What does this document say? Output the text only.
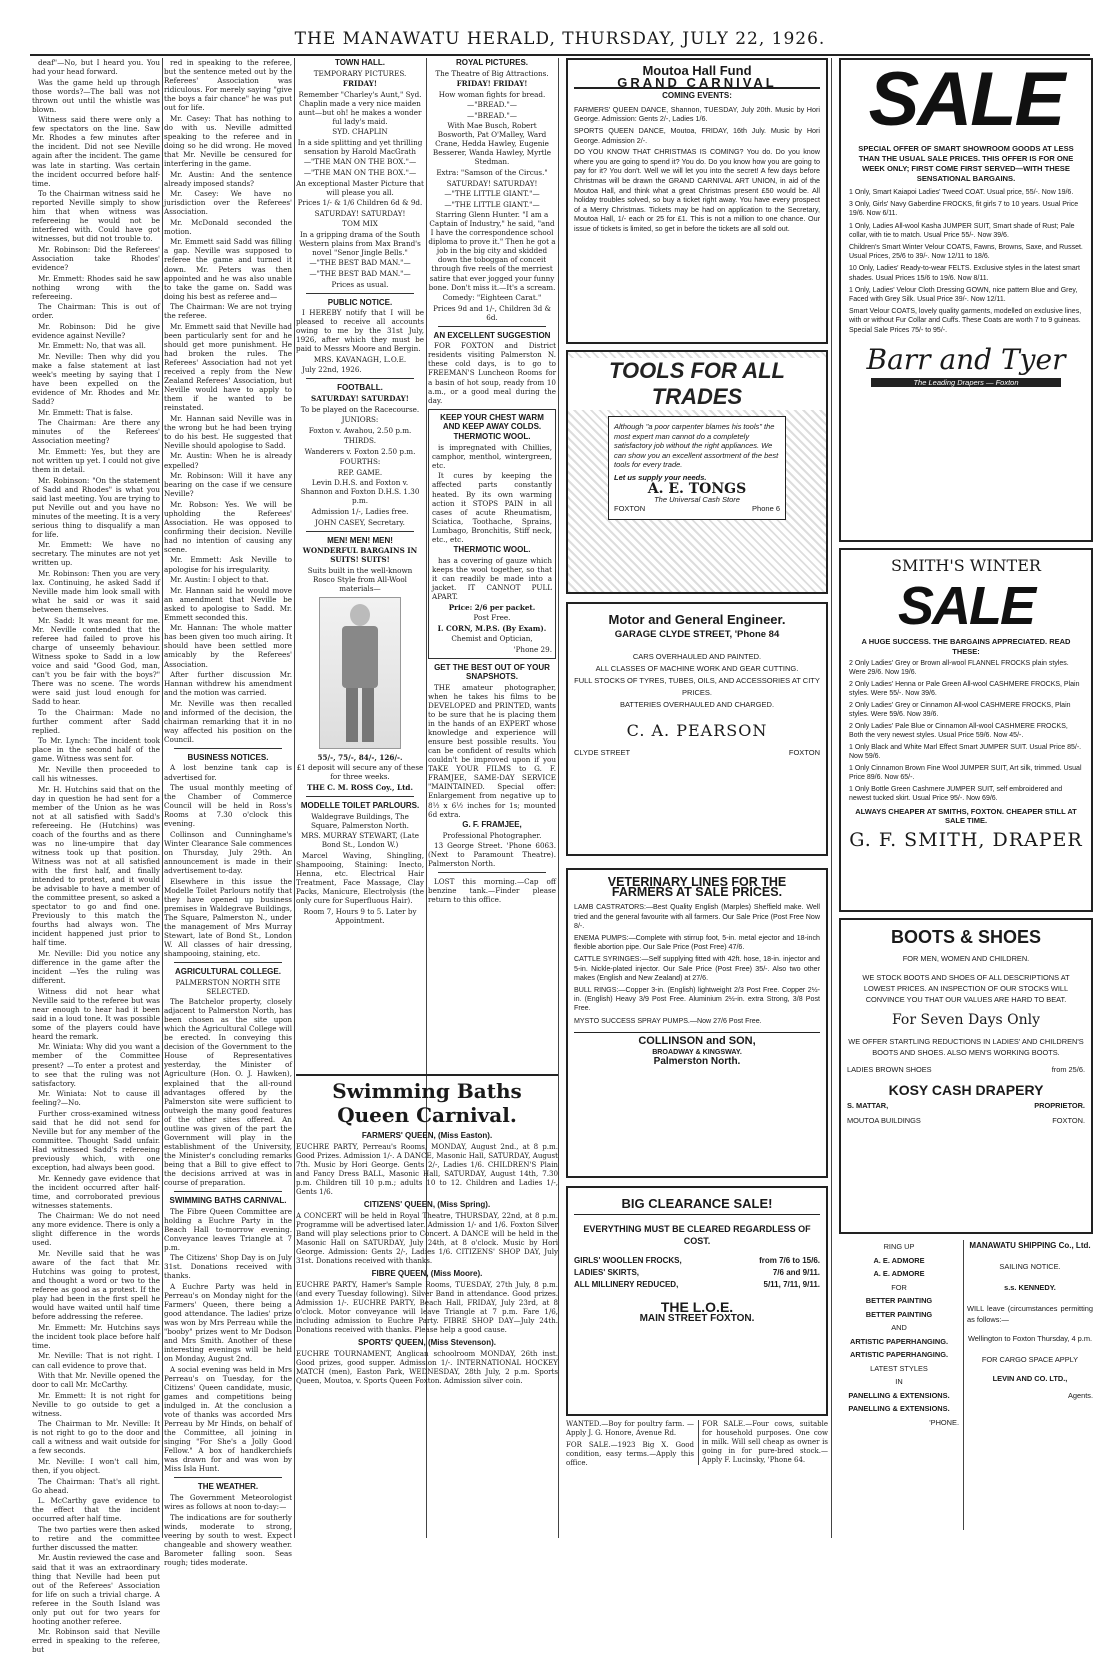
THE MANAWATU HERALD, THURSDAY, JULY 22, 1926.

deaf"—No, but I heard you. You had your head forward.

Was the game held up through those words?—The ball was not thrown out until the whistle was blown.

Witness said there were only a few spectators on the line. Saw Mr. Rhodes a few minutes after the incident. Did not see Neville again after the incident. The game was late in starting. Was certain the incident occurred before half-time.

To the Chairman witness said he reported Neville simply to show him that when witness was refereeing he would not be interfered with. Could have got witnesses, but did not trouble to.

Mr. Robinson: Did the Referees' Association take Rhodes' evidence?

Mr. Emmett: Rhodes said he saw nothing wrong with the refereeing.

The Chairman: This is out of order.

Mr. Robinson: Did he give evidence against Neville?

Mr. Emmett: No, that was all.

Mr. Neville: Then why did you make a false statement at last week's meeting by saying that I have been expelled on the evidence of Mr. Rhodes and Mr. Sadd?

Mr. Emmett: That is false.

The Chairman: Are there any minutes of the Referees' Association meeting?

Mr. Emmett: Yes, but they are not written up yet. I could not give them in detail.

Mr. Robinson: "On the statement of Sadd and Rhodes" is what you said last meeting. You are trying to put Neville out and you have no minutes of the meeting. It is a very serious thing to disqualify a man for life.

Mr. Emmett: We have no secretary. The minutes are not yet written up.

Mr. Robinson: Then you are very lax. Continuing, he asked Sadd if Neville made him look small with what he said or was it said between themselves.

Mr. Sadd: It was meant for me. Mr. Neville contended that the referee had failed to prove his charge of unseemly behaviour. Witness spoke to Sadd in a low voice and said "Good God, man, can't you be fair with the boys?" There was no scene. The words were said just loud enough for Sadd to hear.

To the Chairman: Made no further comment after Sadd replied.

To Mr. Lynch: The incident took place in the second half of the game. Witness was sent for.

Mr. Neville then proceeded to call his witnesses.

Mr. H. Hutchins said that on the day in question he had sent for a member of the Union as he was not at all satisfied with Sadd's refereeing. He (Hutchins) was coach of the fourths and as there was no line-umpire that day witness took up that position. Witness was not at all satisfied with the first half, and finally intended to protest, and it would be advisable to have a member of the committee present, so asked a spectator to go and find one. Previously to this match the fourths had always won. The incident happened just prior to half time.

Mr. Neville: Did you notice any difference in the game after the incident —Yes the ruling was different.

Witness did not hear what Neville said to the referee but was near enough to hear had it been said in a loud tone. It was possible some of the players could have heard the remark.

Mr. Winiata: Why did you want a member of the Committee present? —To enter a protest and to see that the ruling was not satisfactory.

Mr. Winiata: Not to cause ill feeling?—No.

Further cross-examined witness said that he did not send for Neville but for any member of the committee. Thought Sadd unfair. Had witnessed Sadd's refereeing previously which, with one exception, had always been good.

Mr. Kennedy gave evidence that the incident occurred after half-time, and corroborated previous witnesses statements.

The Chairman: We do not need any more evidence. There is only a slight difference in the words used.

Mr. Neville said that he was aware of the fact that Mr. Hutchins was going to protest, and thought a word or two to the referee as good as a protest. If the play had been in the first spell he would have waited until half time before addressing the referee.

Mr. Emmett: Mr. Hutchins says the incident took place before half time.

Mr. Neville: That is not right. I can call evidence to prove that.

With that Mr. Neville opened the door to call Mr. McCarthy.

Mr. Emmett: It is not right for Neville to go outside to get a witness.

The Chairman to Mr. Neville: It is not right to go to the door and call a witness and wait outside for a few seconds.

Mr. Neville: I won't call him, then, if you object.

The Chairman: That's all right. Go ahead.

L. McCarthy gave evidence to the effect that the incident occurred after half time.

The two parties were then asked to retire and the committee further discussed the matter.

Mr. Austin reviewed the case and said that it was an extraordinary thing that Neville had been put out of the Referees' Association for life on such a trivial charge. A referee in the South Island was only put out for two years for hooting another referee.

Mr. Robinson said that Neville erred in speaking to the referee, but

red in speaking to the referee, but the sentence meted out by the Referees' Association was ridiculous. For merely saying "give the boys a fair chance" he was put out for life.

Mr. Casey: That has nothing to do with us. Neville admitted speaking to the referee and in doing so he did wrong. He moved that Mr. Neville be censured for interfering in the game.

Mr. Austin: And the sentence already imposed stands?

Mr. Casey: We have no jurisdiction over the Referees' Association.

Mr. McDonald seconded the motion.

Mr. Emmett said Sadd was filling a gap. Neville was supposed to referee the game and turned it down. Mr. Peters was then appointed and he was also unable to take the game on. Sadd was doing his best as referee and—

The Chairman: We are not trying the referee.

Mr. Emmett said that Neville had been particularly sent for and he should get more punishment. He had broken the rules. The Referees' Association had not yet received a reply from the New Zealand Referees' Association, but Neville would have to apply to them if he wanted to be reinstated.

Mr. Hannan said Neville was in the wrong but he had been trying to do his best. He suggested that Neville should apologise to Sadd.

Mr. Austin: When he is already expelled?

Mr. Robinson: Will it have any bearing on the case if we censure Neville?

Mr. Robson: Yes. We will be upholding the Referees' Association. He was opposed to confirming their decision. Neville had no intention of causing any scene.

Mr. Emmett: Ask Neville to apologise for his irregularity.

Mr. Austin: I object to that.

Mr. Hannan said he would move an amendment that Neville be asked to apologise to Sadd. Mr. Emmett seconded this.

Mr. Hannan: The whole matter has been given too much airing. It should have been settled more amicably by the Referees' Association.

After further discussion Mr. Hannan withdrew his amendment and the motion was carried.

Mr. Neville was then recalled and informed of the decision, the chairman remarking that it in no way affected his position on the Council.

BUSINESS NOTICES.

A lost benzine tank cap is advertised for.

The usual monthly meeting of the Chamber of Commerce Council will be held in Ross's Rooms at 7.30 o'clock this evening.

Collinson and Cunninghame's Winter Clearance Sale commences on Thursday, July 29th. An announcement is made in their advertisement to-day.

Elsewhere in this issue the Modelle Toilet Parlours notify that they have opened up business premises in Waldegrave Buildings, The Square, Palmerston N., under the management of Mrs Murray Stewart, late of Bond St., London W. All classes of hair dressing, shampooing, staining, etc.

AGRICULTURAL COLLEGE.

PALMERSTON NORTH SITE SELECTED.

The Batchelor property, closely adjacent to Palmerston North, has been chosen as the site upon which the Agricultural College will be erected. In conveying this decision of the Government to the House of Representatives yesterday, the Minister of Agriculture (Hon. O. J. Hawken), explained that the all-round advantages offered by the Palmerston site were sufficient to outweigh the many good features of the other sites offered. An outline was given of the part the Government will play in the establishment of the University, the Minister's concluding remarks being that a Bill to give effect to the decisions arrived at was in course of preparation.

SWIMMING BATHS CARNIVAL.

The Fibre Queen Committee are holding a Euchre Party in the Beach Hall to-morrow evening. Conveyance leaves Triangle at 7 p.m.

The Citizens' Shop Day is on July 31st. Donations received with thanks.

A Euchre Party was held in Perreau's on Monday night for the Farmers' Queen, there being a good attendance. The ladies' prize was won by Mrs Perreau while the "booby" prizes went to Mr Dodson and Mrs Smith. Another of these interesting evenings will be held on Monday, August 2nd.

A social evening was held in Mrs Perreau's on Tuesday, for the Citizens' Queen candidate, music, games and competitions being indulged in. At the conclusion a vote of thanks was accorded Mrs Perreau by Mr Hinds, on behalf of the Committee, all joining in singing "For She's a Jolly Good Fellow." A box of handkerchiefs was drawn for and was won by Miss Isla Hunt.

THE WEATHER.

The Government Meteorologist wires as follows at noon to-day:—

The indications are for southerly winds, moderate to strong, veering by south to west. Expect changeable and showery weather. Barometer falling soon. Seas rough; tides moderate.

TOWN HALL.

TEMPORARY PICTURES.

FRIDAY!

Remember "Charley's Aunt," Syd. Chaplin made a very nice maiden aunt—but oh! he makes a wonder ful lady's maid.

SYD. CHAPLIN

In a side splitting and yet thrilling sensation by Harold MacGrath

—"THE MAN ON THE BOX."—

—"THE MAN ON THE BOX."—

An exceptional Master Picture that will please you all.

Prices 1/- & 1/6 Children 6d & 9d.

SATURDAY! SATURDAY!

TOM MIX

In a gripping drama of the South Western plains from Max Brand's novel "Senor Jingle Bells."

—"THE BEST BAD MAN."—

—"THE BEST BAD MAN."—

Prices as usual.

PUBLIC NOTICE.

I HEREBY notify that I will be pleased to receive all accounts owing to me by the 31st July, 1926, after which they must be paid to Messrs Moore and Bergin.

MRS. KAVANAGH, L.O.E.

July 22nd, 1926.

FOOTBALL.

SATURDAY! SATURDAY!

To be played on the Racecourse.

JUNIORS:

Foxton v. Awahou, 2.50 p.m.

THIRDS.

Wanderers v. Foxton 2.50 p.m.

FOURTHS:

REP. GAME.

Levin D.H.S. and Foxton v. Shannon and Foxton D.H.S. 1.30 p.m.

Admission 1/-, Ladies free.

JOHN CASEY, Secretary.

MEN! MEN! MEN!

WONDERFUL BARGAINS IN SUITS! SUITS!

Suits built in the well-known Rosco Style from All-Wool materials—

55/-, 75/-, 84/-, 126/-.

£1 deposit will secure any of these for three weeks.

THE C. M. ROSS Coy., Ltd.

MODELLE TOILET PARLOURS.

Waldegrave Buildings, The Square, Palmerston North.

MRS. MURRAY STEWART, (Late Bond St., London W.)

Marcel Waving, Shingling, Shampooing, Staining: Inecto, Henna, etc. Electrical Hair Treatment, Face Massage, Clay Packs, Manicure, Electrolysis (the only cure for Superfluous Hair).

Room 7, Hours 9 to 5. Later by Appointment.

ROYAL PICTURES.

The Theatre of Big Attractions.

FRIDAY! FRIDAY!

How woman fights for bread.

—"BREAD."—

—"BREAD."—

With Mae Busch, Robert Bosworth, Pat O'Malley, Ward Crane, Hedda Hawley, Eugenie Besserer, Wanda Hawley, Myrtle Stedman.

Extra: "Samson of the Circus."

SATURDAY! SATURDAY!

—"THE LITTLE GIANT."—

—"THE LITTLE GIANT."—

Starring Glenn Hunter. "I am a Captain of Industry," he said, "and I have the correspondence school diploma to prove it." Then he got a job in the big city and skidded down the toboggan of conceit through five reels of the merriest satire that ever jogged your funny bone. Don't miss it.—It's a scream.

Comedy: "Eighteen Carat."

Prices 9d and 1/-, Children 3d & 6d.

AN EXCELLENT SUGGESTION

FOR FOXTON and District residents visiting Palmerston N. these cold days, is to go to FREEMAN'S Luncheon Rooms for a basin of hot soup, ready from 10 a.m., or a good meal during the day.

KEEP YOUR CHEST WARM AND KEEP AWAY COLDS.

THERMOTIC WOOL.

is impregnated with Chillies, camphor, menthol, wintergreen, etc.

It cures by keeping the affected parts constantly heated. By its own warming action it STOPS PAIN in all cases of acute Rheumatism, Sciatica, Toothache, Sprains, Lumbago, Bronchitis, Stiff neck, etc., etc.

THERMOTIC WOOL.

has a covering of gauze which keeps the wool together, so that it can readily be made into a jacket. IT CANNOT PULL APART.

Price: 2/6 per packet.

Post Free.

I. CORN, M.P.S. (By Exam).

Chemist and Optician,

'Phone 29.

GET THE BEST OUT OF YOUR SNAPSHOTS.

THE amateur photographer, when he takes his films to be DEVELOPED and PRINTED, wants to be sure that he is placing them in the hands of an EXPERT whose knowledge and experience will ensure best possible results. You can be confident of results which couldn't be improved upon if you TAKE YOUR FILMS to G. F. FRAMJEE, SAME-DAY SERVICE "MAINTAINED. Special offer: Enlargement from negative up to 8½ x 6½ inches for 1s; mounted 6d extra.

G. F. FRAMJEE,

Professional Photographer.

13 George Street. 'Phone 6063. (Next to Paramount Theatre). Palmerston North.

LOST this morning.—Cap off benzine tank.—Finder please return to this office.

Swimming Baths Queen Carnival.

FARMERS' QUEEN, (Miss Easton).

EUCHRE PARTY, Perreau's Rooms, MONDAY, August 2nd., at 8 p.m. Good Prizes. Admission 1/-. A DANCE, Masonic Hall, SATURDAY, August 7th. Music by Hori George. Gents 2/-, Ladies 1/6. CHILDREN'S Plain and Fancy Dress BALL, Masonic Hall, SATURDAY, August 14th, 7.30 p.m. Children till 10 p.m.; adults 10 to 12. Children and Ladies 1/-, Gents 1/6.

CITIZENS' QUEEN, (Miss Spring).

A CONCERT will be held in Royal Theatre, THURSDAY, 22nd, at 8 p.m. Programme will be advertised later. Admission 1/- and 1/6. Foxton Silver Band will play selections prior to Concert. A DANCE will be held in the Masonic Hall on SATURDAY, July 24th, at 8 o'clock. Music by Hori George. Admission: Gents 2/-, Ladies 1/6. CITIZENS' SHOP DAY, July 31st. Donations received with thanks.

FIBRE QUEEN, (Miss Moore).

EUCHRE PARTY, Hamer's Sample Rooms, TUESDAY, 27th July, 8 p.m. (and every Tuesday following). Silver Band in attendance. Good prizes. Admission 1/-. EUCHRE PARTY, Beach Hall, FRIDAY, July 23rd, at 8 o'clock. Motor conveyance will leave Triangle at 7 p.m. Fare 1/6, including admission to Euchre Party. FIBRE SHOP DAY—July 24th. Donations received with thanks. Please help a good cause.

SPORTS' QUEEN, (Miss Stevenson).

EUCHRE TOURNAMENT, Anglican schoolroom MONDAY, 26th inst. Good prizes, good supper. Admission 1/-. INTERNATIONAL HOCKEY MATCH (men), Easton Park, WEDNESDAY, 28th July, 2 p.m. Sports Queen, Moutoa, v. Sports Queen Foxton. Admission silver coin.

Moutoa Hall Fund
GRAND CARNIVAL
COMING EVENTS:

FARMERS' QUEEN DANCE, Shannon, TUESDAY, July 20th. Music by Hori George. Admission: Gents 2/-, Ladies 1/6.

SPORTS QUEEN DANCE, Moutoa, FRIDAY, 16th July. Music by Hori George. Admission 2/-.

DO YOU KNOW THAT CHRISTMAS IS COMING? You do. Do you know where you are going to spend it? You do. Do you know how you are going to pay for it? You don't. Well we will let you into the secret! A few days before Christmas will be drawn the GRAND CARNIVAL ART UNION, in aid of the Moutoa Hall, and think what a great Christmas present £50 would be. All holiday troubles solved, so buy a ticket right away. You have every prospect of a Merry Christmas. Tickets may be had on application to the Secretary, Moutoa Hall, 1/- each or 25 for £1. This is not a million to one chance. Our issue of tickets is limited, so get in before the tickets are all sold out.

TOOLS FOR ALL TRADES
Although "a poor carpenter blames his tools" the most expert man cannot do a completely satisfactory job without the right appliances. We can show you an excellent assortment of the best tools for every trade.
Let us supply your needs.
A. E. TONGS
The Universal Cash Store
FOXTON	Phone 6
Motor and General Engineer.
GARAGE CLYDE STREET, 'Phone 84
CARS OVERHAULED AND PAINTED.
ALL CLASSES OF MACHINE WORK AND GEAR CUTTING.
FULL STOCKS OF TYRES, TUBES, OILS, AND ACCESSORIES AT CITY PRICES.
BATTERIES OVERHAULED AND CHARGED.
C. A. PEARSON
CLYDE STREET	FOXTON
VETERINARY LINES FOR THE
FARMERS AT SALE PRICES.

LAMB CASTRATORS:—Best Quality English (Marples) Sheffield make. Well tried and the general favourite with all farmers. Our Sale Price (Post Free Now 8/-.

ENEMA PUMPS:—Complete with stirrup foot, 5-in. metal ejector and 18-inch flexible abortion pipe. Our Sale Price (Post Free) 47/6.

CATTLE SYRINGES:—Self supplying fitted with 42ft. hose, 18-in. injector and 5-in. Nickle-plated injector. Our Sale Price (Post Free) 35/-. Also two other makes (English and New Zealand) at 27/6.

BULL RINGS:—Copper 3-in. (English) lightweight 2/3 Post Free. Copper 2½-in. (English) Heavy 3/9 Post Free. Aluminium 2½-in. extra Strong, 3/8 Post Free.

MYSTO SUCCESS SPRAY PUMPS.—Now 27/6 Post Free.

COLLINSON and SON,
BROADWAY & KINGSWAY.
Palmerston North.
BIG CLEARANCE SALE!
EVERYTHING MUST BE CLEARED REGARDLESS OF COST.
GIRLS' WOOLLEN FROCKS,	from 7/6 to 15/6.
LADIES' SKIRTS,	7/6 and 9/11.
ALL MILLINERY REDUCED,	5/11, 7/11, 9/11.
THE L.O.E.
MAIN STREET FOXTON.

WANTED.—Boy for poultry farm. —Apply J. G. Honore, Avenue Rd.

FOR SALE.—1923 Big X. Good condition, easy terms.—Apply this office.

FOR SALE.—Four cows, suitable for household purposes. One cow in milk. Will sell cheap as owner is going in for pure-bred stock.—Apply F. Lucinsky, 'Phone 64.

SALE
SPECIAL OFFER OF SMART SHOWROOM GOODS AT LESS THAN THE USUAL SALE PRICES. THIS OFFER IS FOR ONE WEEK ONLY; FIRST COME FIRST SERVED—WITH THESE SENSATIONAL BARGAINS.

1 Only, Smart Kaiapoi Ladies' Tweed COAT. Usual price, 55/-. Now 19/6.

3 Only, Girls' Navy Gaberdine FROCKS, fit girls 7 to 10 years. Usual Price 19/6. Now 6/11.

1 Only, Ladies All-wool Kasha JUMPER SUIT, Smart shade of Rust; Pale collar, with tie to match. Usual Price 55/-. Now 39/6.

Children's Smart Winter Velour COATS, Fawns, Browns, Saxe, and Russet. Usual Prices, 25/6 to 39/-. Now 12/11 to 18/6.

10 Only, Ladies' Ready-to-wear FELTS. Exclusive styles in the latest smart shades. Usual Prices 15/6 to 19/6. Now 8/11.

1 Only, Ladies' Velour Cloth Dressing GOWN, nice pattern Blue and Grey, Faced with Grey Silk. Usual Price 39/-. Now 12/11.

Smart Velour COATS, lovely quality garments, modelled on exclusive lines, with or without Fur Collar and Cuffs. These Coats are worth 7 to 9 guineas. Special Sale Prices 75/- to 95/-.

Barr and Tyer
The Leading Drapers — Foxton
SMITH'S WINTER
SALE
A HUGE SUCCESS. THE BARGAINS APPRECIATED. READ THESE:

2 Only Ladies' Grey or Brown all-wool FLANNEL FROCKS plain styles. Were 29/6. Now 19/6.

2 Only Ladies' Henna or Pale Green All-wool CASHMERE FROCKS, Plain styles. Were 55/-. Now 39/6.

2 Only Ladies' Grey or Cinnamon All-wool CASHMERE FROCKS, Plain styles. Were 59/6. Now 39/6.

2 Only Ladies' Pale Blue or Cinnamon All-wool CASHMERE FROCKS, Both the very newest styles. Usual Price 59/6. Now 45/-.

1 Only Black and White Marl Effect Smart JUMPER SUIT. Usual Price 85/-. Now 59/6.

1 Only Cinnamon Brown Fine Wool JUMPER SUIT, Art silk, trimmed. Usual Price 89/6. Now 65/-.

1 Only Bottle Green Cashmere JUMPER SUIT, self embroidered and newest tucked skirt. Usual Price 95/-. Now 69/6.

ALWAYS CHEAPER AT SMITHS, FOXTON. CHEAPER STILL AT SALE TIME.
G. F. SMITH, DRAPER
BOOTS & SHOES
FOR MEN, WOMEN AND CHILDREN.
WE STOCK BOOTS AND SHOES OF ALL DESCRIPTIONS AT LOWEST PRICES. AN INSPECTION OF OUR STOCKS WILL CONVINCE YOU THAT OUR VALUES ARE HARD TO BEAT.
For Seven Days Only
WE OFFER STARTLING REDUCTIONS IN LADIES' AND CHILDREN'S BOOTS AND SHOES. ALSO MEN'S WORKING BOOTS.
LADIES BROWN SHOES	from 25/6.
KOSY CASH DRAPERY
S. MATTAR,	PROPRIETOR.
MOUTOA BUILDINGS	FOXTON.
RING UP
A. E. ADMORE
A. E. ADMORE
FOR
BETTER PAINTING
BETTER PAINTING
AND
ARTISTIC PAPERHANGING.
ARTISTIC PAPERHANGING.
LATEST STYLES
IN
PANELLING & EXTENSIONS.
PANELLING & EXTENSIONS.
'PHONE.
MANAWATU SHIPPING Co., Ltd.
SAILING NOTICE.
s.s. KENNEDY.
WILL leave (circumstances permitting as follows:—
Wellington to Foxton Thursday, 4 p.m.
FOR CARGO SPACE APPLY
LEVIN AND CO. LTD.,
Agents.
